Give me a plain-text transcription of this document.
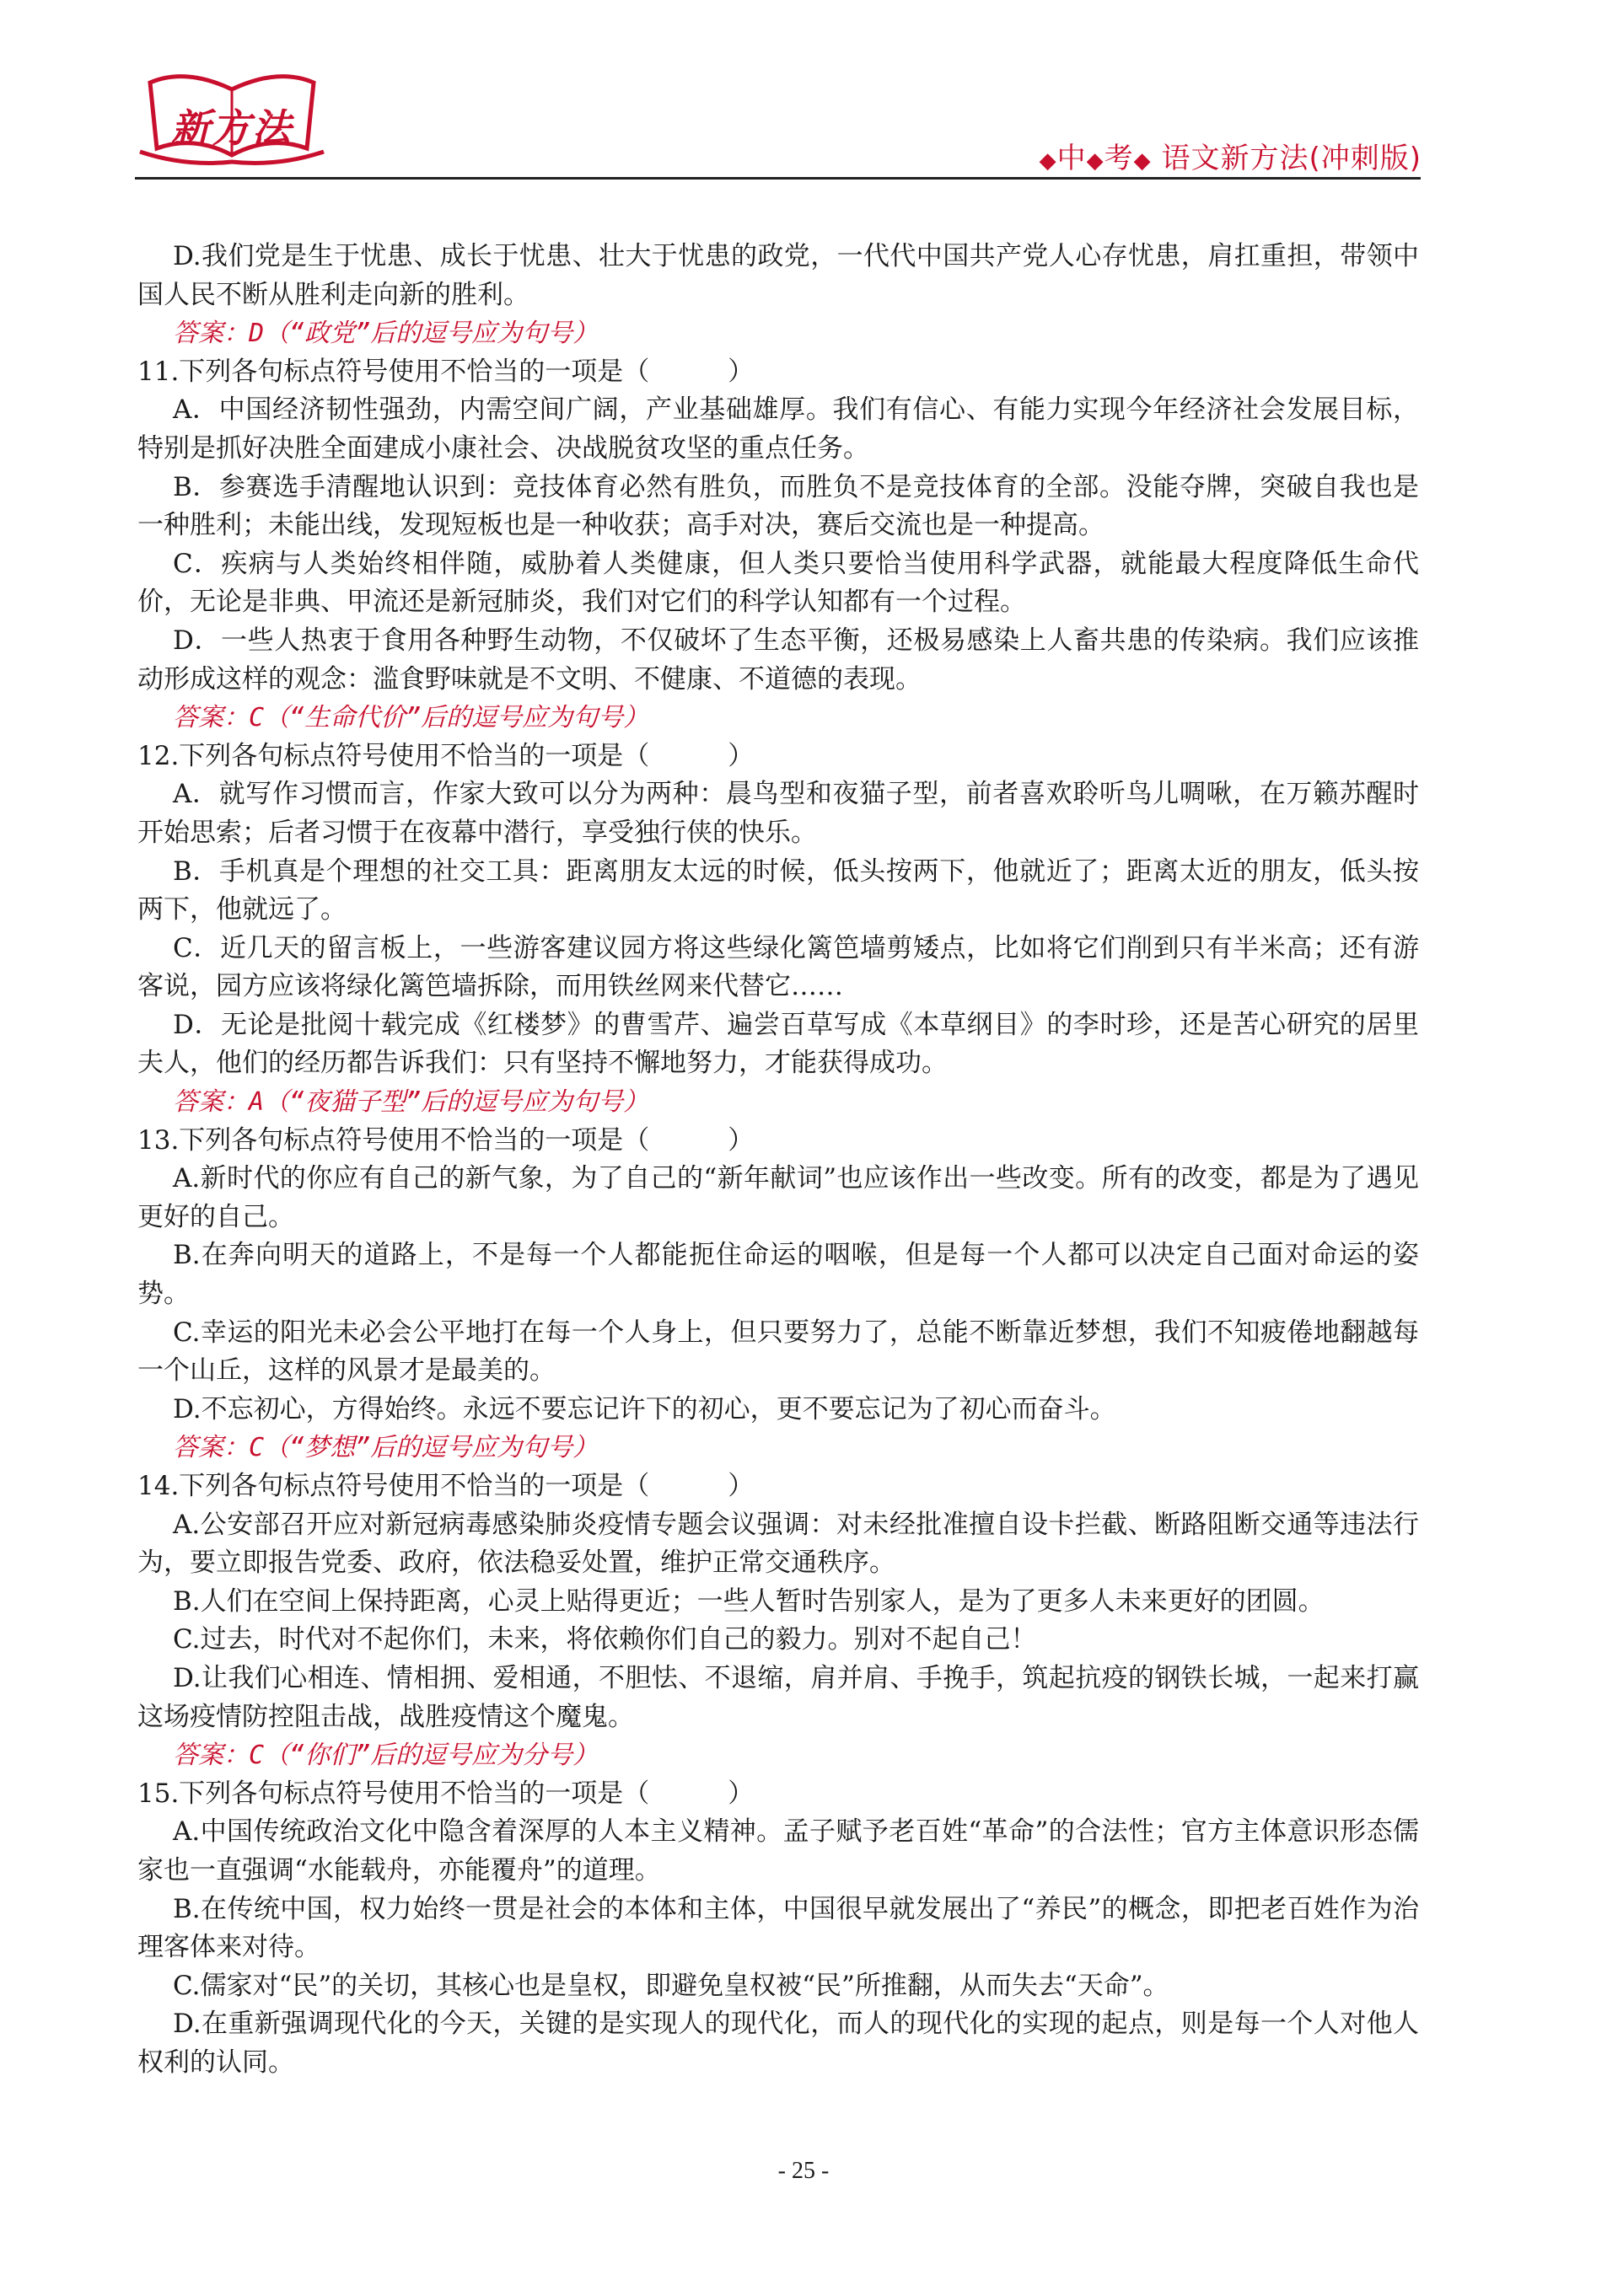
新方法
◆中◆考◆ 语文新方法(冲刺版)

D.我们党是生于忧患、成长于忧患、壮大于忧患的政党，一代代中国共产党人心存忧患，肩扛重担，带领中国人民不断从胜利走向新的胜利。

答案：D（“政党”后的逗号应为句号）

11.下列各句标点符号使用不恰当的一项是（　　　）

A．中国经济韧性强劲，内需空间广阔，产业基础雄厚。我们有信心、有能力实现今年经济社会发展目标，特别是抓好决胜全面建成小康社会、决战脱贫攻坚的重点任务。

B．参赛选手清醒地认识到：竞技体育必然有胜负，而胜负不是竞技体育的全部。没能夺牌，突破自我也是一种胜利；未能出线，发现短板也是一种收获；高手对决，赛后交流也是一种提高。

C．疾病与人类始终相伴随，威胁着人类健康，但人类只要恰当使用科学武器，就能最大程度降低生命代价，无论是非典、甲流还是新冠肺炎，我们对它们的科学认知都有一个过程。

D．一些人热衷于食用各种野生动物，不仅破坏了生态平衡，还极易感染上人畜共患的传染病。我们应该推动形成这样的观念：滥食野味就是不文明、不健康、不道德的表现。

答案：C（“生命代价”后的逗号应为句号）

12.下列各句标点符号使用不恰当的一项是（　　　）

A．就写作习惯而言，作家大致可以分为两种：晨鸟型和夜猫子型，前者喜欢聆听鸟儿啁啾，在万籁苏醒时开始思索；后者习惯于在夜幕中潜行，享受独行侠的快乐。

B．手机真是个理想的社交工具：距离朋友太远的时候，低头按两下，他就近了；距离太近的朋友，低头按两下，他就远了。

C．近几天的留言板上，一些游客建议园方将这些绿化篱笆墙剪矮点，比如将它们削到只有半米高；还有游客说，园方应该将绿化篱笆墙拆除，而用铁丝网来代替它……

D．无论是批阅十载完成《红楼梦》的曹雪芹、遍尝百草写成《本草纲目》的李时珍，还是苦心研究的居里夫人，他们的经历都告诉我们：只有坚持不懈地努力，才能获得成功。

答案：A（“夜猫子型”后的逗号应为句号）

13.下列各句标点符号使用不恰当的一项是（　　　）

A.新时代的你应有自己的新气象，为了自己的“新年献词”也应该作出一些改变。所有的改变，都是为了遇见更好的自己。

B.在奔向明天的道路上，不是每一个人都能扼住命运的咽喉，但是每一个人都可以决定自己面对命运的姿势。

C.幸运的阳光未必会公平地打在每一个人身上，但只要努力了，总能不断靠近梦想，我们不知疲倦地翻越每一个山丘，这样的风景才是最美的。

D.不忘初心，方得始终。永远不要忘记许下的初心，更不要忘记为了初心而奋斗。

答案：C（“梦想”后的逗号应为句号）

14.下列各句标点符号使用不恰当的一项是（　　　）

A.公安部召开应对新冠病毒感染肺炎疫情专题会议强调：对未经批准擅自设卡拦截、断路阻断交通等违法行为，要立即报告党委、政府，依法稳妥处置，维护正常交通秩序。

B.人们在空间上保持距离，心灵上贴得更近；一些人暂时告别家人，是为了更多人未来更好的团圆。

C.过去，时代对不起你们，未来，将依赖你们自己的毅力。别对不起自己！

D.让我们心相连、情相拥、爱相通，不胆怯、不退缩，肩并肩、手挽手，筑起抗疫的钢铁长城，一起来打赢这场疫情防控阻击战，战胜疫情这个魔鬼。

答案：C（“你们”后的逗号应为分号）

15.下列各句标点符号使用不恰当的一项是（　　　）

A.中国传统政治文化中隐含着深厚的人本主义精神。孟子赋予老百姓“革命”的合法性；官方主体意识形态儒家也一直强调“水能载舟，亦能覆舟”的道理。

B.在传统中国，权力始终一贯是社会的本体和主体，中国很早就发展出了“养民”的概念，即把老百姓作为治理客体来对待。

C.儒家对“民”的关切，其核心也是皇权，即避免皇权被“民”所推翻，从而失去“天命”。

D.在重新强调现代化的今天，关键的是实现人的现代化，而人的现代化的实现的起点，则是每一个人对他人权利的认同。

- 25 -
